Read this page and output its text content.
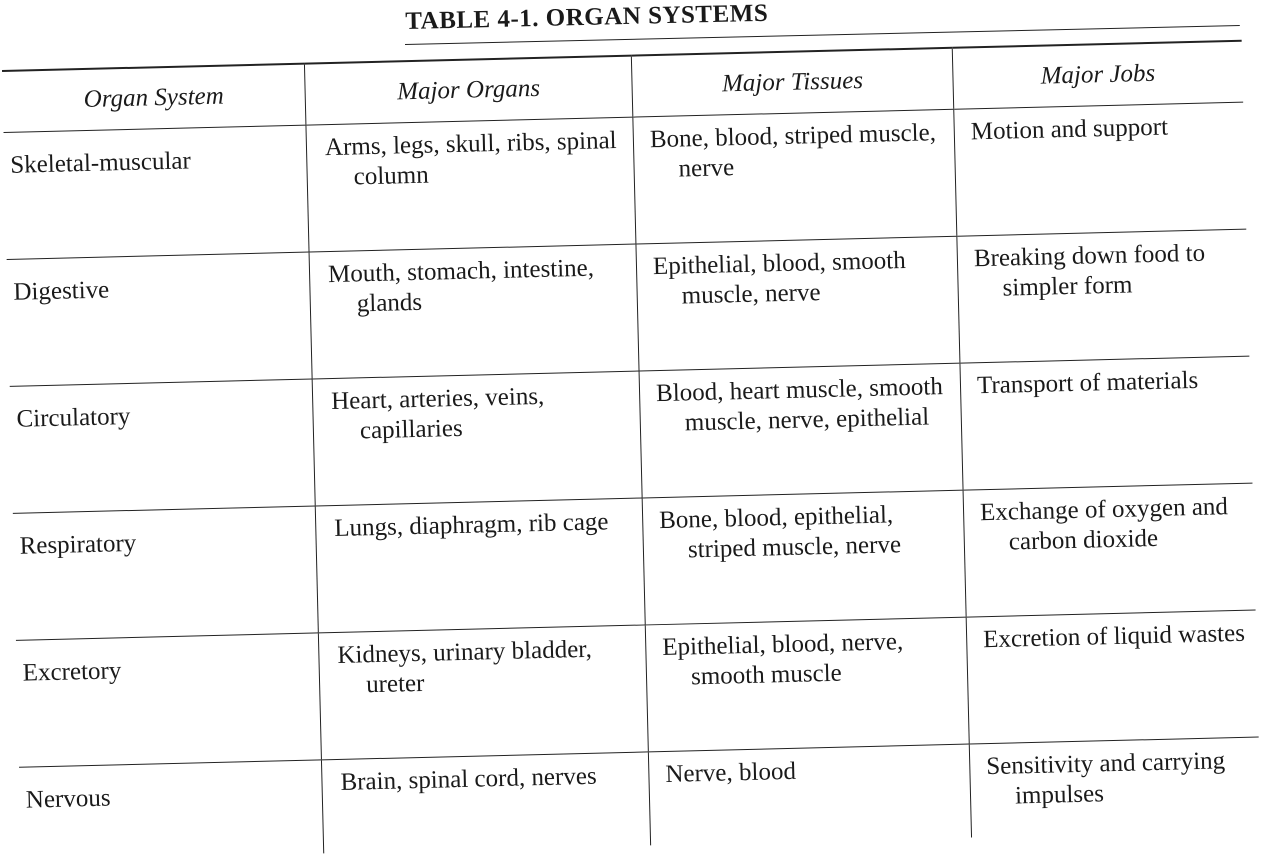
TABLE 4-1. ORGAN SYSTEMS
Organ System	Major Organs	Major Tissues	Major Jobs
Skeletal-muscular	Arms, legs, skull, ribs, spinal column	Bone, blood, striped muscle, nerve	Motion and support

Digestive	Mouth, stomach, intestine, glands	Epithelial, blood, smooth muscle, nerve	Breaking down food to simpler form

Circulatory	Heart, arteries, veins, capillaries	Blood, heart muscle, smooth muscle, nerve, epithelial	Transport of materials

Respiratory	Lungs, diaphragm, rib cage	Bone, blood, epithelial, striped muscle, nerve	Exchange of oxygen and carbon dioxide

Excretory	Kidneys, urinary bladder, ureter	Epithelial, blood, nerve, smooth muscle	Excretion of liquid wastes

Nervous	Brain, spinal cord, nerves	Nerve, blood	Sensitivity and carrying impulses
